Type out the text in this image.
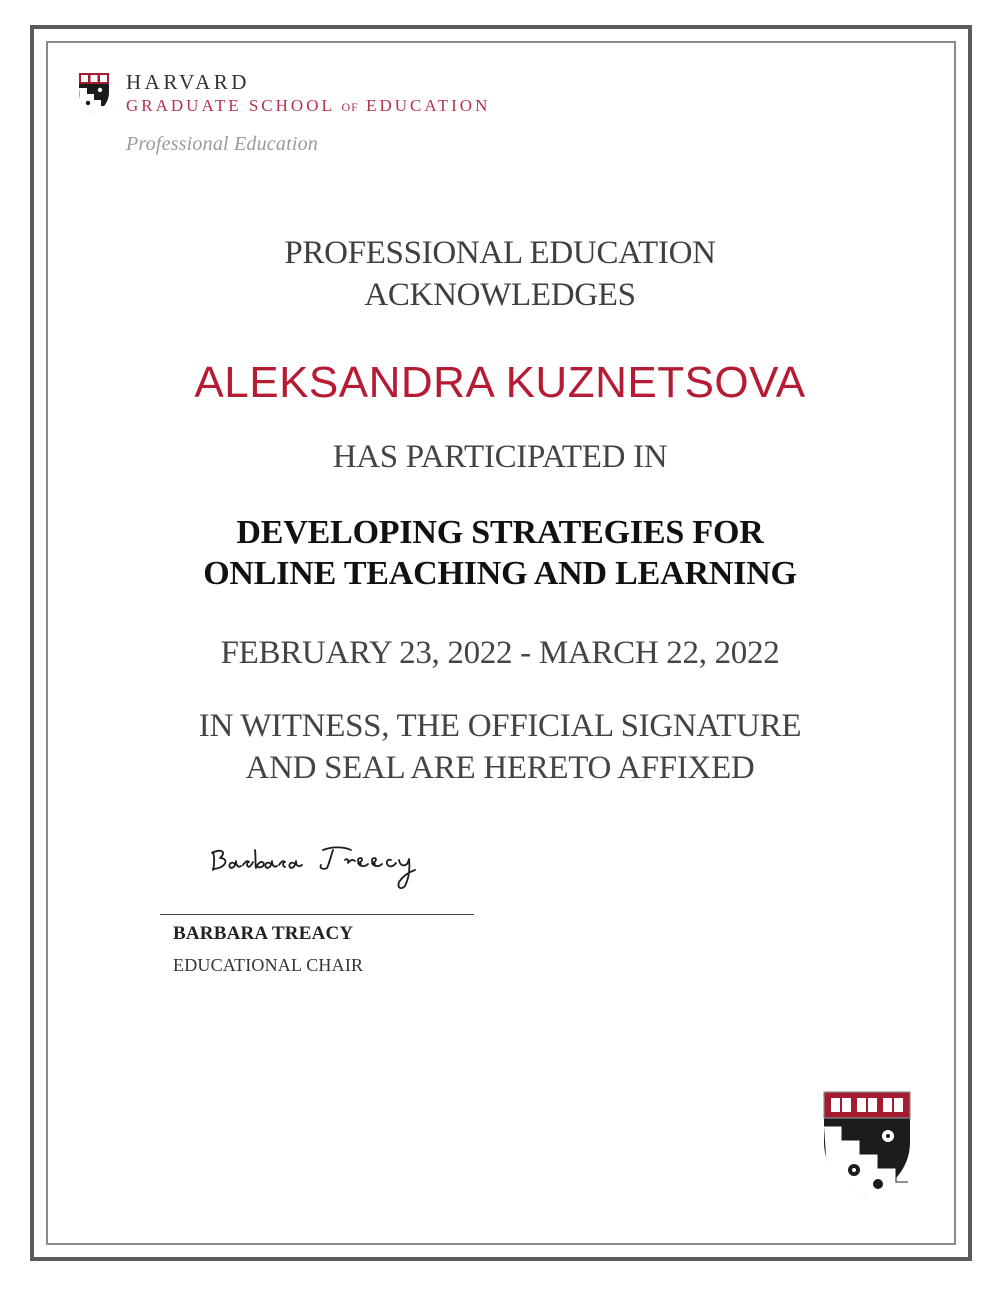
HARVARD
GRADUATE SCHOOL OF EDUCATION
Professional Education
PROFESSIONAL EDUCATION
ACKNOWLEDGES
ALEKSANDRA KUZNETSOVA
HAS PARTICIPATED IN
DEVELOPING STRATEGIES FOR
ONLINE TEACHING AND LEARNING
FEBRUARY 23, 2022 - MARCH 22, 2022
IN WITNESS, THE OFFICIAL SIGNATURE
AND SEAL ARE HERETO AFFIXED
BARBARA TREACY
EDUCATIONAL CHAIR
